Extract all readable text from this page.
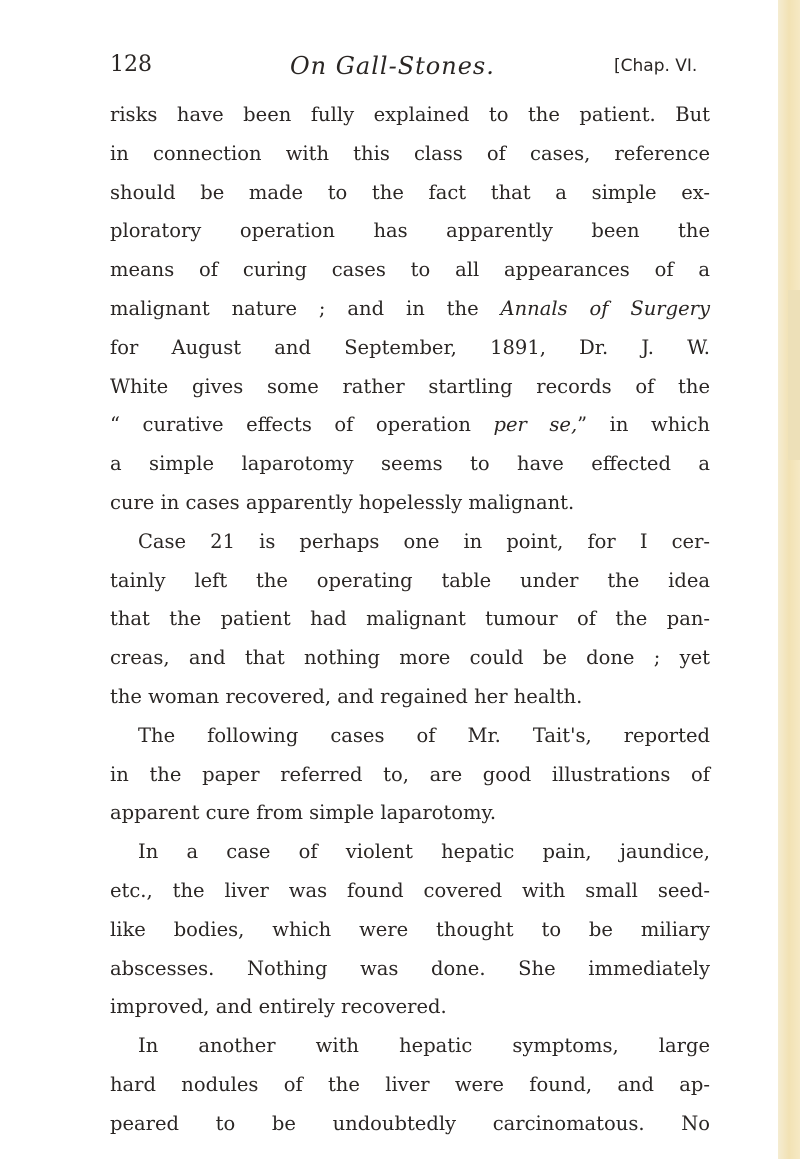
128	On Gall-Stones.	[Chap. VI.
risks have been fully explained to the patient. But
in connection with this class of cases, reference
should be made to the fact that a simple ex-
ploratory operation has apparently been the
means of curing cases to all appearances of a
malignant nature ; and in the Annals of Surgery
for August and September, 1891, Dr. J. W.
White gives some rather startling records of the
“ curative effects of operation per se,” in which
a simple laparotomy seems to have effected a
cure in cases apparently hopelessly malignant.
Case 21 is perhaps one in point, for I cer-
tainly left the operating table under the idea
that the patient had malignant tumour of the pan-
creas, and that nothing more could be done ; yet
the woman recovered, and regained her health.
The following cases of Mr. Tait's, reported
in the paper referred to, are good illustrations of
apparent cure from simple laparotomy.
In a case of violent hepatic pain, jaundice,
etc., the liver was found covered with small seed-
like bodies, which were thought to be miliary
abscesses. Nothing was done. She immediately
improved, and entirely recovered.
In another with hepatic symptoms, large
hard nodules of the liver were found, and ap-
peared to be undoubtedly carcinomatous. No
